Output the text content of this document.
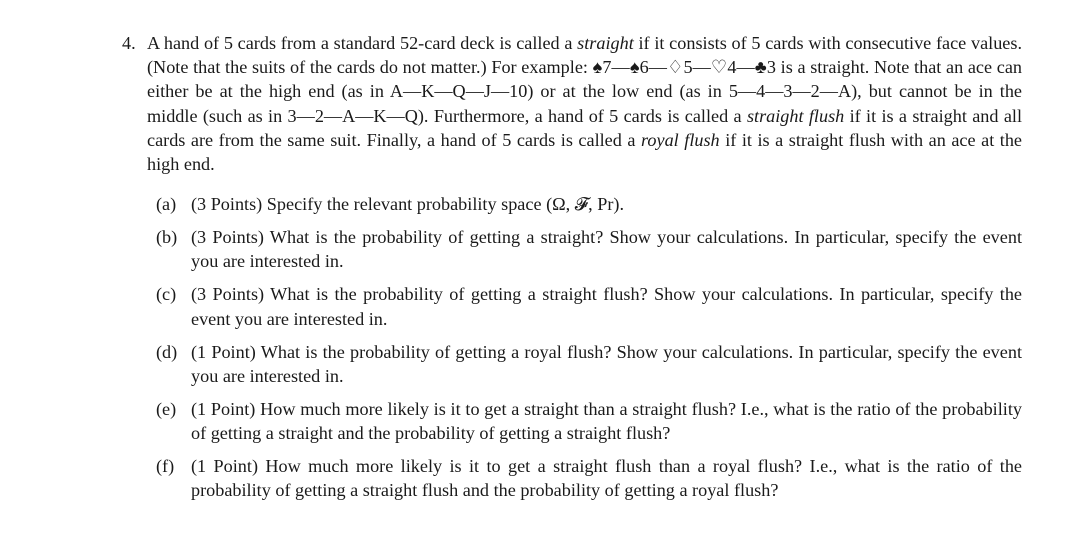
4. A hand of 5 cards from a standard 52-card deck is called a straight if it consists of 5 cards with consecutive face values. (Note that the suits of the cards do not matter.) For example: ♠7—♠6—♢5—♡4—♣3 is a straight. Note that an ace can either be at the high end (as in A—K—Q—J—10) or at the low end (as in 5—4—3—2—A), but cannot be in the middle (such as in 3—2—A—K—Q). Furthermore, a hand of 5 cards is called a straight flush if it is a straight and all cards are from the same suit. Finally, a hand of 5 cards is called a royal flush if it is a straight flush with an ace at the high end.

(a) (3 Points) Specify the relevant probability space (Ω, 𝓕, Pr).
(b) (3 Points) What is the probability of getting a straight? Show your calculations. In particular, specify the event you are interested in.
(c) (3 Points) What is the probability of getting a straight flush? Show your calculations. In particular, specify the event you are interested in.
(d) (1 Point) What is the probability of getting a royal flush? Show your calculations. In particular, specify the event you are interested in.
(e) (1 Point) How much more likely is it to get a straight than a straight flush? I.e., what is the ratio of the probability of getting a straight and the probability of getting a straight flush?
(f) (1 Point) How much more likely is it to get a straight flush than a royal flush? I.e., what is the ratio of the probability of getting a straight flush and the probability of getting a royal flush?
